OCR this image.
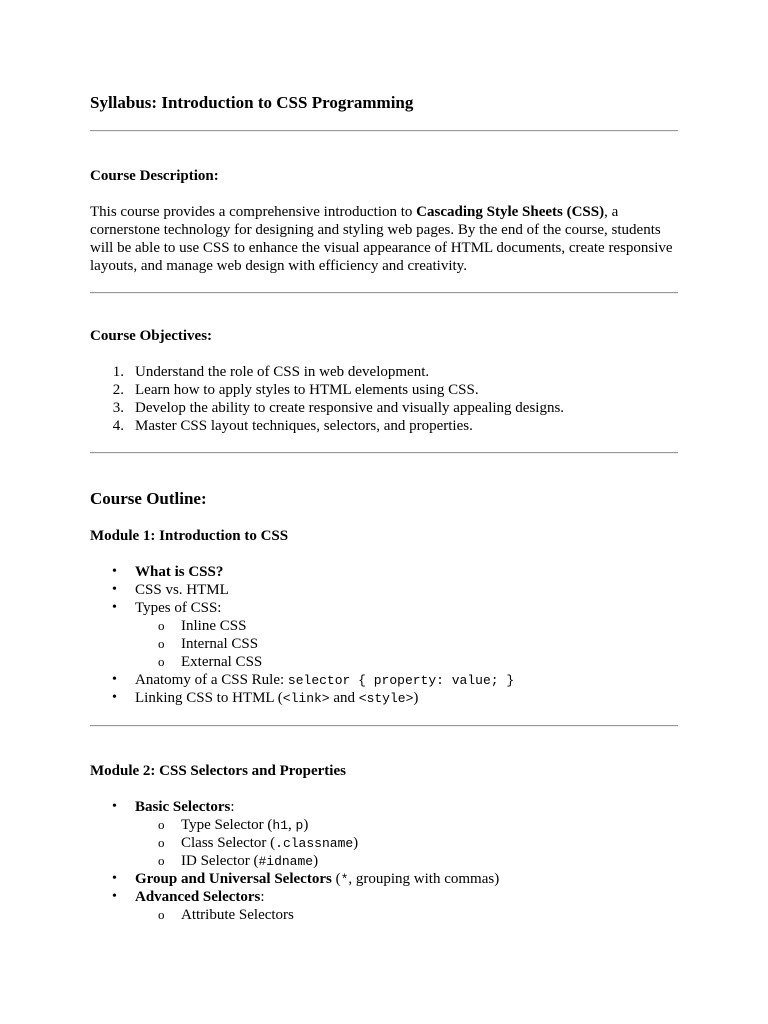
Syllabus: Introduction to CSS Programming
Course Description:
This course provides a comprehensive introduction to Cascading Style Sheets (CSS), a
cornerstone technology for designing and styling web pages. By the end of the course, students
will be able to use CSS to enhance the visual appearance of HTML documents, create responsive
layouts, and manage web design with efficiency and creativity.
Course Objectives:
1. Understand the role of CSS in web development.
2. Learn how to apply styles to HTML elements using CSS.
3. Develop the ability to create responsive and visually appealing designs.
4. Master CSS layout techniques, selectors, and properties.
Course Outline:
Module 1: Introduction to CSS
• What is CSS?
• CSS vs. HTML
• Types of CSS:
o Inline CSS
o Internal CSS
o External CSS
• Anatomy of a CSS Rule: selector { property: value; }
• Linking CSS to HTML (<link> and <style>)
Module 2: CSS Selectors and Properties
• Basic Selectors:
o Type Selector (h1, p)
o Class Selector (.classname)
o ID Selector (#idname)
• Group and Universal Selectors (*, grouping with commas)
• Advanced Selectors:
o Attribute Selectors
